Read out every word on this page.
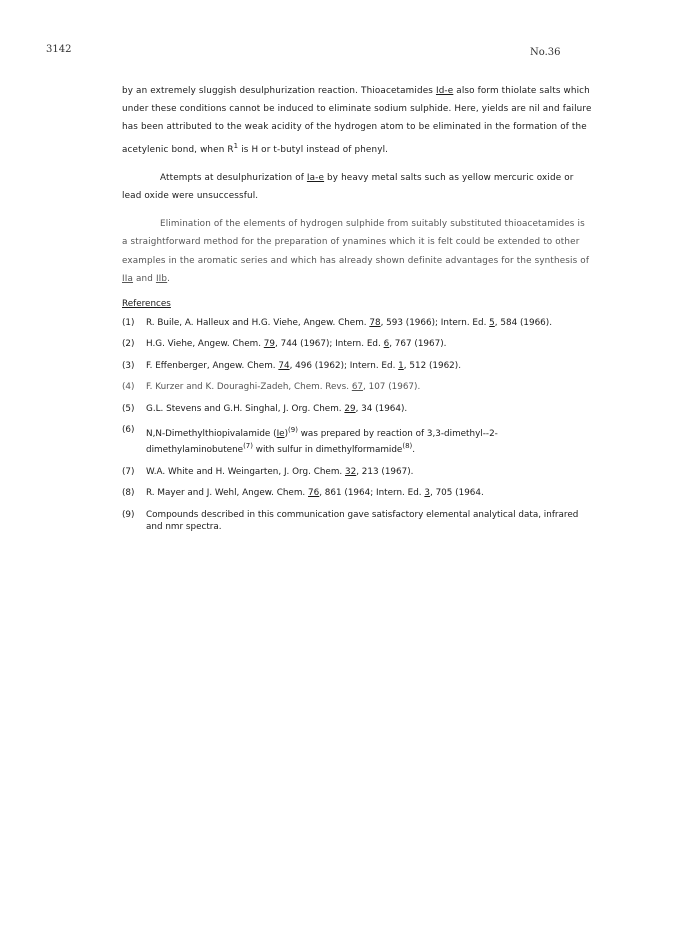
3142	No.36

by an extremely sluggish desulphurization reaction. Thioacetamides Id-e also form thiolate salts which under these conditions cannot be induced to eliminate sodium sulphide. Here, yields are nil and failure has been attributed to the weak acidity of the hydrogen atom to be eliminated in the formation of the acetylenic bond, when $R^1$ is H or t-butyl instead of phenyl.

Attempts at desulphurization of Ia-e by heavy metal salts such as yellow mercuric oxide or lead oxide were unsuccessful.

Elimination of the elements of hydrogen sulphide from suitably substituted thioacetamides is a straightforward method for the preparation of ynamines which it is felt could be extended to other examples in the aromatic series and which has already shown definite advantages for the synthesis of IIa and IIb.

References
(1)	R. Buile, A. Halleux and H.G. Viehe, Angew. Chem. 78, 593 (1966); Intern. Ed. 5, 584 (1966).
(2)	H.G. Viehe, Angew. Chem. 79, 744 (1967); Intern. Ed. 6, 767 (1967).
(3)	F. Effenberger, Angew. Chem. 74, 496 (1962); Intern. Ed. 1, 512 (1962).
(4)	F. Kurzer and K. Douraghi-Zadeh, Chem. Revs. 67, 107 (1967).
(5)	G.L. Stevens and G.H. Singhal, J. Org. Chem. 29, 34 (1964).
(6)	N,N-Dimethylthiopivalamide $(Ie)^{(9)}$ was prepared by reaction of 3,3-dimethyl--2-dimethylaminobutene$^{(7)}$ with sulfur in dimethylformamide$^{(8)}$.
(7)	W.A. White and H. Weingarten, J. Org. Chem. 32, 213 (1967).
(8)	R. Mayer and J. Wehl, Angew. Chem. 76, 861 (1964; Intern. Ed. 3, 705 (1964.
(9)	Compounds described in this communication gave satisfactory elemental analytical data, infrared and nmr spectra.
